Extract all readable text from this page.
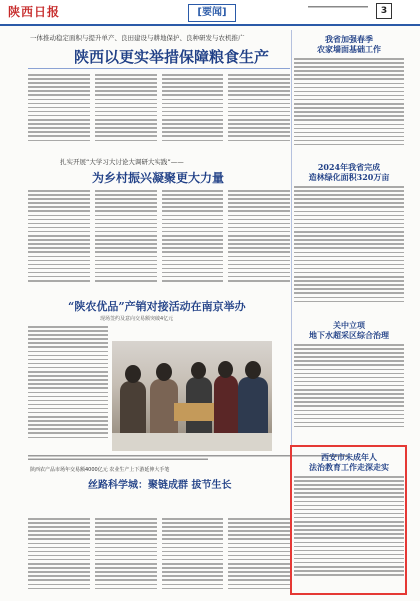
陕西日报	[要闻]	3
一体推动稳定面积与提升单产、良田建设与耕地保护、良种研发与农机推广
陕西以更实举措保障粮食生产
扎实开展“大学习大讨论大调研大实践”——
为乡村振兴凝聚更大力量
“陕农优品”产销对接活动在南京举办
现场签约及意向交易额突破4亿元
陕西农产品市场年交易额4000亿元 农业生产上下游延伸大手笔
丝路科学城：聚链成群 拔节生长
我省加强春季
农家墙面基础工作
2024年我省完成
造林绿化面积320万亩
关中立项
地下水超采区综合治理
西安市未成年人
法治教育工作走深走实
